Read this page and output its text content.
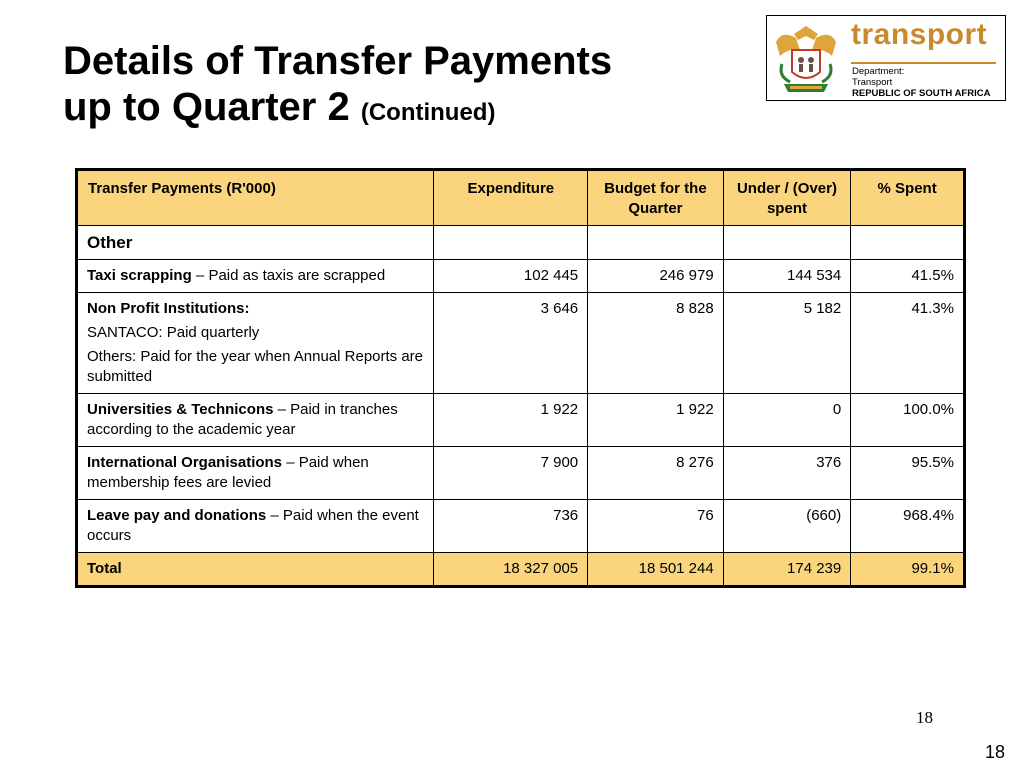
Details of Transfer Payments
up to Quarter 2 (Continued)
transport
Department:
Transport
REPUBLIC OF SOUTH AFRICA
Transfer Payments (R'000)	Expenditure	Budget for the Quarter	Under / (Over) spent	% Spent
Other				
Taxi scrapping – Paid as taxis are scrapped	102 445	246 979	144 534	41.5%

Non Profit Institutions:
SANTACO: Paid quarterly
Others: Paid for the year when Annual Reports are submitted	3 646	8 828	5 182	41.3%
Universities & Technicons – Paid in tranches according to the academic year	1 922	1 922	0	100.0%
International Organisations – Paid when membership fees are levied	7 900	8 276	376	95.5%
Leave pay and donations – Paid when the event occurs	736	76	(660)	968.4%
Total	18 327 005	18 501 244	174 239	99.1%
18
18
